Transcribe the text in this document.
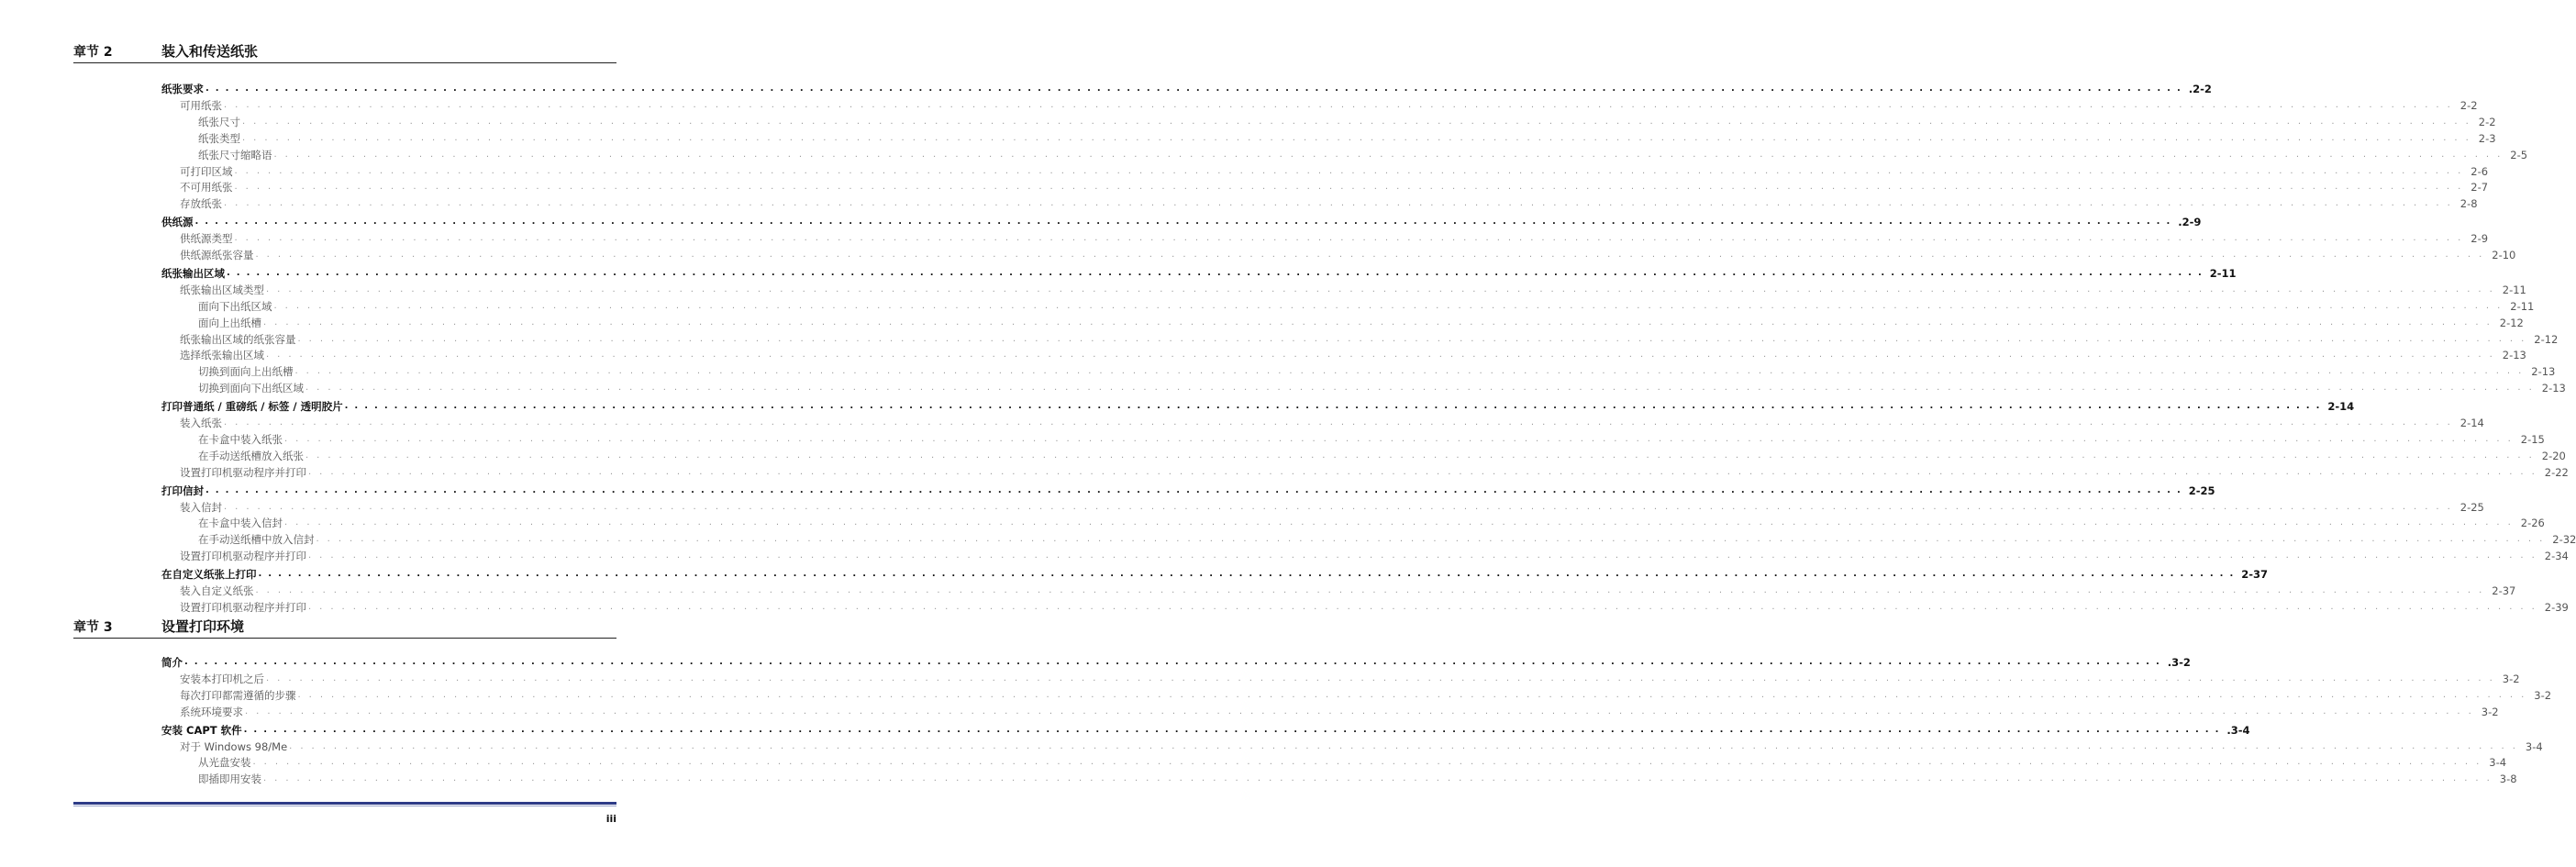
章节 2	装入和传送纸张
纸张要求 ........................................................................................................................................................................................................ .2-2
可用纸张 ........................................................................................................................................................................................................ 2-2
纸张尺寸 ........................................................................................................................................................................................................ 2-2
纸张类型 ........................................................................................................................................................................................................ 2-3
纸张尺寸缩略语 ........................................................................................................................................................................................................ 2-5
可打印区域 ........................................................................................................................................................................................................ 2-6
不可用纸张 ........................................................................................................................................................................................................ 2-7
存放纸张 ........................................................................................................................................................................................................ 2-8
供纸源 ........................................................................................................................................................................................................ .2-9
供纸源类型 ........................................................................................................................................................................................................ 2-9
供纸源纸张容量 ........................................................................................................................................................................................................ 2-10
纸张输出区域 ........................................................................................................................................................................................................ 2-11
纸张输出区域类型 ........................................................................................................................................................................................................ 2-11
面向下出纸区域 ........................................................................................................................................................................................................ 2-11
面向上出纸槽 ........................................................................................................................................................................................................ 2-12
纸张输出区域的纸张容量 ........................................................................................................................................................................................................ 2-12
选择纸张输出区域 ........................................................................................................................................................................................................ 2-13
切换到面向上出纸槽 ........................................................................................................................................................................................................ 2-13
切换到面向下出纸区域 ........................................................................................................................................................................................................ 2-13
打印普通纸 / 重磅纸 / 标签 / 透明胶片 ........................................................................................................................................................................................................ 2-14
装入纸张 ........................................................................................................................................................................................................ 2-14
在卡盒中装入纸张 ........................................................................................................................................................................................................ 2-15
在手动送纸槽放入纸张 ........................................................................................................................................................................................................ 2-20
设置打印机驱动程序并打印 ........................................................................................................................................................................................................ 2-22
打印信封 ........................................................................................................................................................................................................ 2-25
装入信封 ........................................................................................................................................................................................................ 2-25
在卡盒中装入信封 ........................................................................................................................................................................................................ 2-26
在手动送纸槽中放入信封 ........................................................................................................................................................................................................ 2-32
设置打印机驱动程序并打印 ........................................................................................................................................................................................................ 2-34
在自定义纸张上打印 ........................................................................................................................................................................................................ 2-37
装入自定义纸张 ........................................................................................................................................................................................................ 2-37
设置打印机驱动程序并打印 ........................................................................................................................................................................................................ 2-39
章节 3	设置打印环境
简介 ........................................................................................................................................................................................................ .3-2
安装本打印机之后 ........................................................................................................................................................................................................ 3-2
每次打印都需遵循的步骤 ........................................................................................................................................................................................................ 3-2
系统环境要求 ........................................................................................................................................................................................................ 3-2
安装 CAPT 软件 ........................................................................................................................................................................................................ .3-4
对于 Windows 98/Me ........................................................................................................................................................................................................ 3-4
从光盘安装 ........................................................................................................................................................................................................ 3-4
即插即用安装 ........................................................................................................................................................................................................ 3-8
iii
